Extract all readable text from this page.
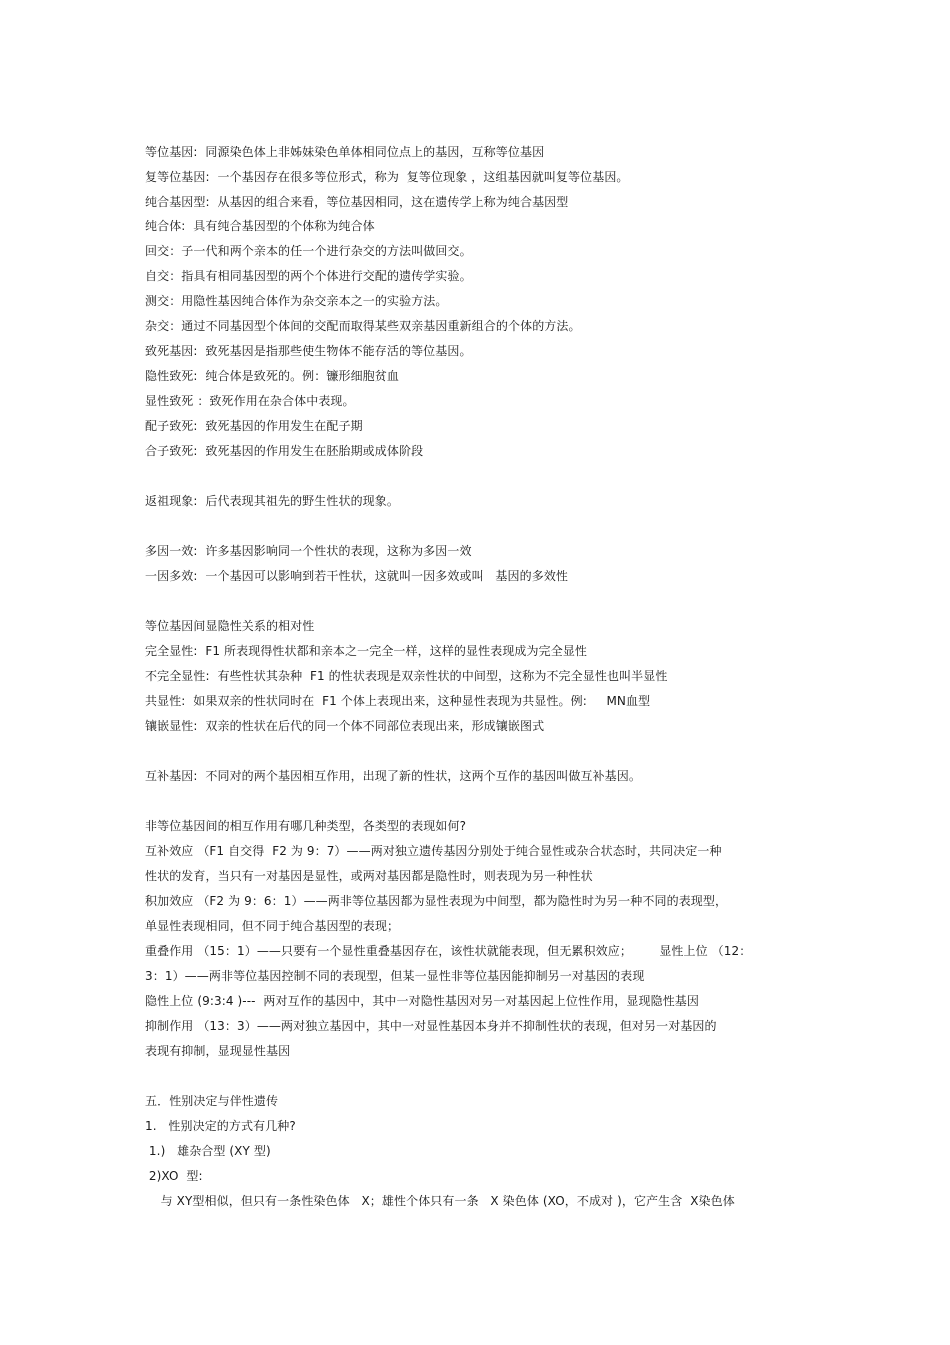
等位基因:  同源染色体上非姊妹染色单体相同位点上的基因，互称等位基因
复等位基因:  一个基因存在很多等位形式，称为  复等位现象 ，这组基因就叫复等位基因。
纯合基因型:  从基因的组合来看，等位基因相同，这在遗传学上称为纯合基因型
纯合体:  具有纯合基因型的个体称为纯合体
回交：子一代和两个亲本的任一个进行杂交的方法叫做回交。
自交：指具有相同基因型的两个个体进行交配的遗传学实验。
测交：用隐性基因纯合体作为杂交亲本之一的实验方法。
杂交：通过不同基因型个体间的交配而取得某些双亲基因重新组合的个体的方法。
致死基因:  致死基因是指那些使生物体不能存活的等位基因。
隐性致死:  纯合体是致死的。例：镰形细胞贫血
显性致死 ：致死作用在杂合体中表现。
配子致死:  致死基因的作用发生在配子期
合子致死:  致死基因的作用发生在胚胎期或成体阶段
返祖现象:  后代表现其祖先的野生性状的现象。
多因一效:  许多基因影响同一个性状的表现，这称为多因一效
一因多效:  一个基因可以影响到若干性状，这就叫一因多效或叫   基因的多效性
等位基因间显隐性关系的相对性
完全显性:  F1 所表现得性状都和亲本之一完全一样，这样的显性表现成为完全显性
不完全显性:  有些性状其杂种  F1 的性状表现是双亲性状的中间型，这称为不完全显性也叫半显性
共显性:  如果双亲的性状同时在  F1 个体上表现出来，这种显性表现为共显性。例:     MN血型
镶嵌显性:  双亲的性状在后代的同一个体不同部位表现出来，形成镶嵌图式
互补基因:  不同对的两个基因相互作用，出现了新的性状，这两个互作的基因叫做互补基因。
非等位基因间的相互作用有哪几种类型，各类型的表现如何?
互补效应 （F1 自交得  F2 为 9：7）——两对独立遗传基因分别处于纯合显性或杂合状态时，共同决定一种
性状的发育，当只有一对基因是显性，或两对基因都是隐性时，则表现为另一种性状
积加效应 （F2 为 9：6：1）——两非等位基因都为显性表现为中间型，都为隐性时为另一种不同的表现型，
单显性表现相同，但不同于纯合基因型的表现；
重叠作用 （15：1）——只要有一个显性重叠基因存在，该性状就能表现，但无累积效应；       显性上位 （12：
3：1）——两非等位基因控制不同的表现型，但某一显性非等位基因能抑制另一对基因的表现
隐性上位 (9:3:4 )---  两对互作的基因中，其中一对隐性基因对另一对基因起上位性作用，显现隐性基因
抑制作用 （13：3）——两对独立基因中，其中一对显性基因本身并不抑制性状的表现，但对另一对基因的
表现有抑制，显现显性基因
五．性别决定与伴性遗传
1.   性别决定的方式有几种?
1.)   雄杂合型 (XY 型)
2)XO  型:
与 XY型相似，但只有一条性染色体   X；雄性个体只有一条   X 染色体 (XO，不成对 )，它产生含  X染色体
